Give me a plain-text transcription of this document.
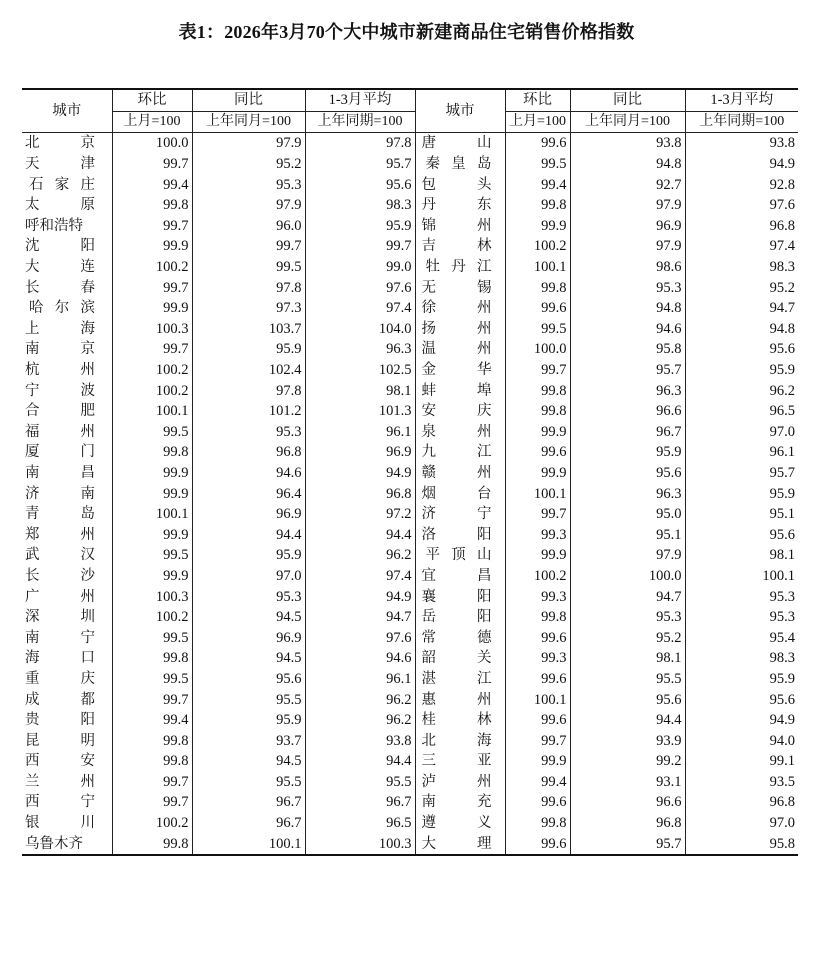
表1：2026年3月70个大中城市新建商品住宅销售价格指数
城市	环比	同比	1-3月平均	城市	环比	同比	1-3月平均
	上月=100	上年同月=100	上年同期=100		上月=100	上年同月=100	上年同期=100
北京	100.0	97.9	97.8	唐山	99.6	93.8	93.8
天津	99.7	95.2	95.7	秦皇岛	99.5	94.8	94.9
石家庄	99.4	95.3	95.6	包头	99.4	92.7	92.8
太原	99.8	97.9	98.3	丹东	99.8	97.9	97.6
呼和浩特	99.7	96.0	95.9	锦州	99.9	96.9	96.8
沈阳	99.9	99.7	99.7	吉林	100.2	97.9	97.4
大连	100.2	99.5	99.0	牡丹江	100.1	98.6	98.3
长春	99.7	97.8	97.6	无锡	99.8	95.3	95.2
哈尔滨	99.9	97.3	97.4	徐州	99.6	94.8	94.7
上海	100.3	103.7	104.0	扬州	99.5	94.6	94.8
南京	99.7	95.9	96.3	温州	100.0	95.8	95.6
杭州	100.2	102.4	102.5	金华	99.7	95.7	95.9
宁波	100.2	97.8	98.1	蚌埠	99.8	96.3	96.2
合肥	100.1	101.2	101.3	安庆	99.8	96.6	96.5
福州	99.5	95.3	96.1	泉州	99.9	96.7	97.0
厦门	99.8	96.8	96.9	九江	99.6	95.9	96.1
南昌	99.9	94.6	94.9	赣州	99.9	95.6	95.7
济南	99.9	96.4	96.8	烟台	100.1	96.3	95.9
青岛	100.1	96.9	97.2	济宁	99.7	95.0	95.1
郑州	99.9	94.4	94.4	洛阳	99.3	95.1	95.6
武汉	99.5	95.9	96.2	平顶山	99.9	97.9	98.1
长沙	99.9	97.0	97.4	宜昌	100.2	100.0	100.1
广州	100.3	95.3	94.9	襄阳	99.3	94.7	95.3
深圳	100.2	94.5	94.7	岳阳	99.8	95.3	95.3
南宁	99.5	96.9	97.6	常德	99.6	95.2	95.4
海口	99.8	94.5	94.6	韶关	99.3	98.1	98.3
重庆	99.5	95.6	96.1	湛江	99.6	95.5	95.9
成都	99.7	95.5	96.2	惠州	100.1	95.6	95.6
贵阳	99.4	95.9	96.2	桂林	99.6	94.4	94.9
昆明	99.8	93.7	93.8	北海	99.7	93.9	94.0
西安	99.8	94.5	94.4	三亚	99.9	99.2	99.1
兰州	99.7	95.5	95.5	泸州	99.4	93.1	93.5
西宁	99.7	96.7	96.7	南充	99.6	96.6	96.8
银川	100.2	96.7	96.5	遵义	99.8	96.8	97.0
乌鲁木齐	99.8	100.1	100.3	大理	99.6	95.7	95.8
